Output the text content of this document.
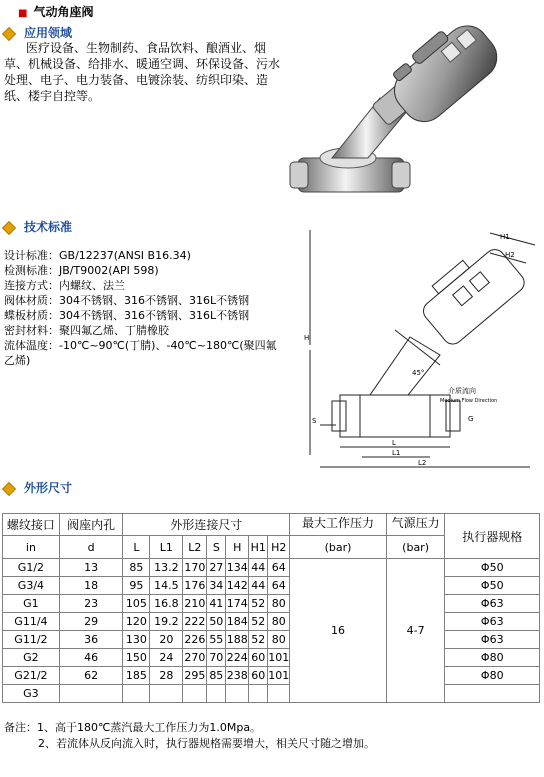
■ 气动角座阀
应用领域
医疗设备、生物制药、食品饮料、酿酒业、烟草、机械设备、给排水、暖通空调、环保设备、污水处理、电子、电力装备、电镀涂装、纺织印染、造纸、楼宇自控等。
技术标准
设计标准：GB/12237(ANSI B16.34)
检测标准：JB/T9002(API 598)
连接方式：内螺纹、法兰
阀体材质：304不锈钢、316不锈钢、316L不锈钢
蝶板材质：304不锈钢、316不锈钢、316L不锈钢
密封材料：聚四氟乙烯、丁腈橡胶
流体温度：-10℃~90℃(丁腈)、-40℃~180℃(聚四氟
乙烯)
H1
H2
H
45°
介质流向
Medium Flow Direction
S
L1
L
L2
G
外形尺寸
螺纹接口	阀座内孔	外形连接尺寸							最大工作压力	气源压力	执行器规格
in	d	L	L1	L2	S	H	H1	H2	(bar)	(bar)	
G1/2	13	85	13.2	170	27	134	44	64	16	4-7	Φ50
G3/4	18	95	14.5	176	34	142	44	64			Φ50
G1	23	105	16.8	210	41	174	52	80			Φ63
G11/4	29	120	19.2	222	50	184	52	80			Φ63
G11/2	36	130	20	226	55	188	52	80			Φ63
G2	46	150	24	270	70	224	60	101			Φ80
G21/2	62	185	28	295	85	238	60	101			Φ80
G3											
备注：1、高于180℃蒸汽最大工作压力为1.0Mpa。
2、若流体从反向流入时，执行器规格需要增大，相关尺寸随之增加。
